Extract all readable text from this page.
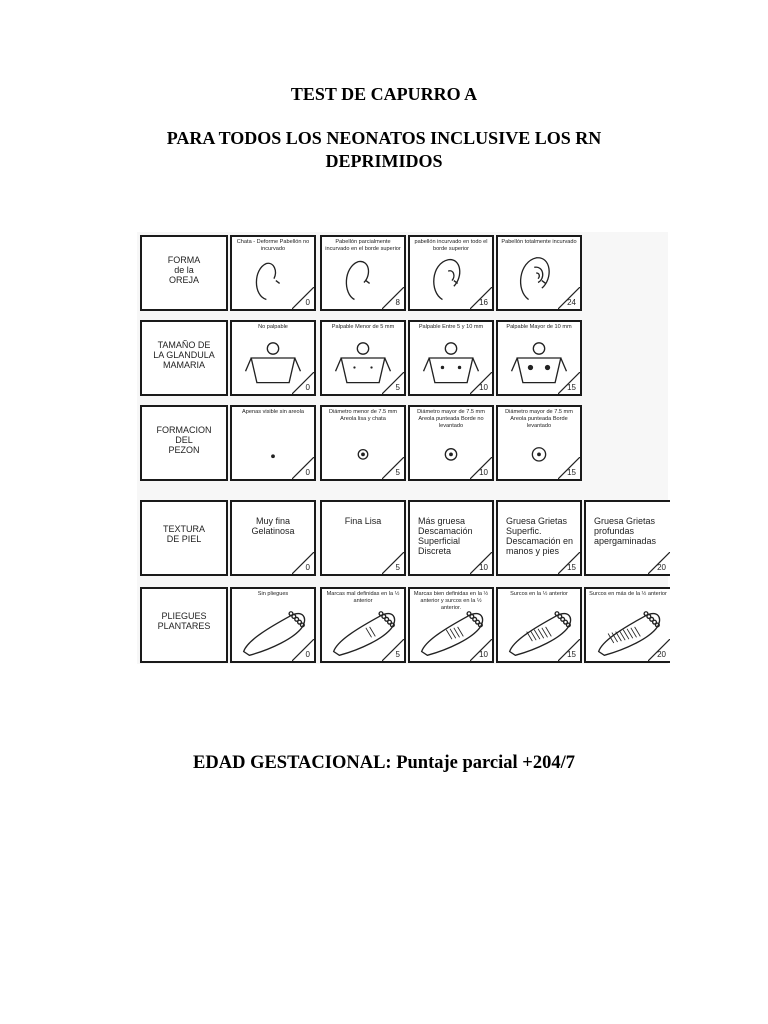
TEST DE CAPURRO A
PARA TODOS LOS NEONATOS INCLUSIVE LOS RN
DEPRIMIDOS
FORMA
de la
OREJA
Chata - Deforme Pabellón no incurvado
0
Pabellón parcialmente incurvado en el borde superior
8
pabellón incurvado en todo el borde superior
16
Pabellón totalmente incurvado
24
TAMAÑO DE
LA GLANDULA
MAMARIA
No palpable
0
Palpable Menor de 5 mm
5
Palpable Entre 5 y 10 mm
10
Palpable Mayor de 10 mm
15
FORMACION
DEL
PEZON
Apenas visible sin areola
0
Diámetro menor de 7.5 mm Areola lisa y chata
5
Diámetro mayor de 7.5 mm Areola punteada Borde no levantado
10
Diámetro mayor de 7.5 mm Areola punteada Borde levantado
15
TEXTURA
DE PIEL
Muy fina Gelatinosa
0
Fina Lisa
5
Más gruesa Descamación Superficial Discreta
10
Gruesa Grietas Superfic. Descamación en manos y pies
15
Gruesa Grietas profundas apergaminadas
20
PLIEGUES
PLANTARES
Sin pliegues
0
Marcas mal definidas en la ½ anterior
5
Marcas bien definidas en la ½ anterior y surcos en la ½ anterior.
10
Surcos en la ½ anterior
15
Surcos en más de la ½ anterior
20
EDAD GESTACIONAL: Puntaje parcial +204/7
